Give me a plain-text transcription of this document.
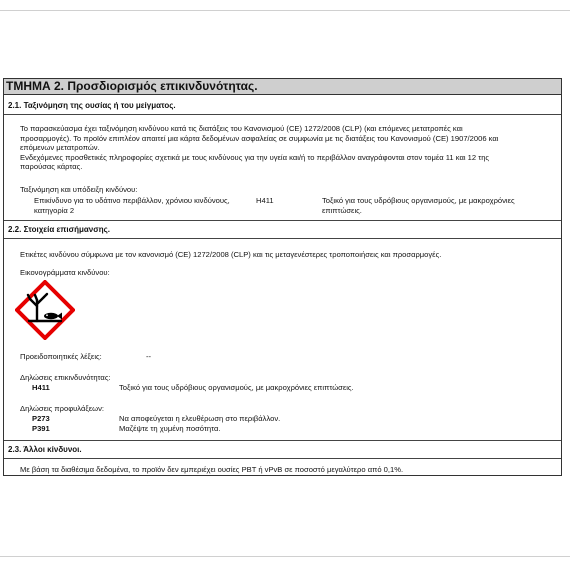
ΤΜΗΜΑ 2. Προσδιορισμός επικινδυνότητας.
2.1. Ταξινόμηση της ουσίας ή του μείγματος.
Το παρασκεύασμα έχει ταξινόμηση κινδύνου κατά τις διατάξεις του Κανονισμού (CE) 1272/2008 (CLP) (και επόμενες μετατροπές και
προσαρμογές). Το προϊόν επιπλέον απαιτεί μια κάρτα δεδομένων ασφαλείας σε συμφωνία με τις διατάξεις του Κανονισμού (CE) 1907/2006 και
επόμενων μετατροπών.
Ενδεχόμενες προσθετικές πληροφορίες σχετικά με τους κινδύνους για την υγεία και/ή το περιβάλλον αναγράφονται στον τομέα 11 και 12 της
παρούσας κάρτας.
Ταξινόμηση και υπόδειξη κινδύνου:
Επικίνδυνο για το υδάτινο περιβάλλον, χρόνιου κινδύνους,
κατηγορία 2
H411	Τοξικό για τους υδρόβιους οργανισμούς, με μακροχρόνιες
επιπτώσεις.
2.2. Στοιχεία επισήμανσης.
Ετικέτες κινδύνου σύμφωνα με τον κανονισμό (CE) 1272/2008 (CLP) και τις μεταγενέστερες τροποποιήσεις και προσαρμογές.
Εικονογράμματα κινδύνου:
Προειδοποιητικές λέξεις:	--
Δηλώσεις επικινδυνότητας:
H411	Τοξικό για τους υδρόβιους οργανισμούς, με μακροχρόνιες επιπτώσεις.
Δηλώσεις προφυλάξεων:
P273	Να αποφεύγεται η ελευθέρωση στο περιβάλλον.
P391	Μαζέψτε τη χυμένη ποσότητα.
2.3. Άλλοι κίνδυνοι.
Με βάση τα διαθέσιμα δεδομένα, το προϊόν δεν εμπεριέχει ουσίες PBT ή vPvB σε ποσοστό μεγαλύτερο από 0,1%.
